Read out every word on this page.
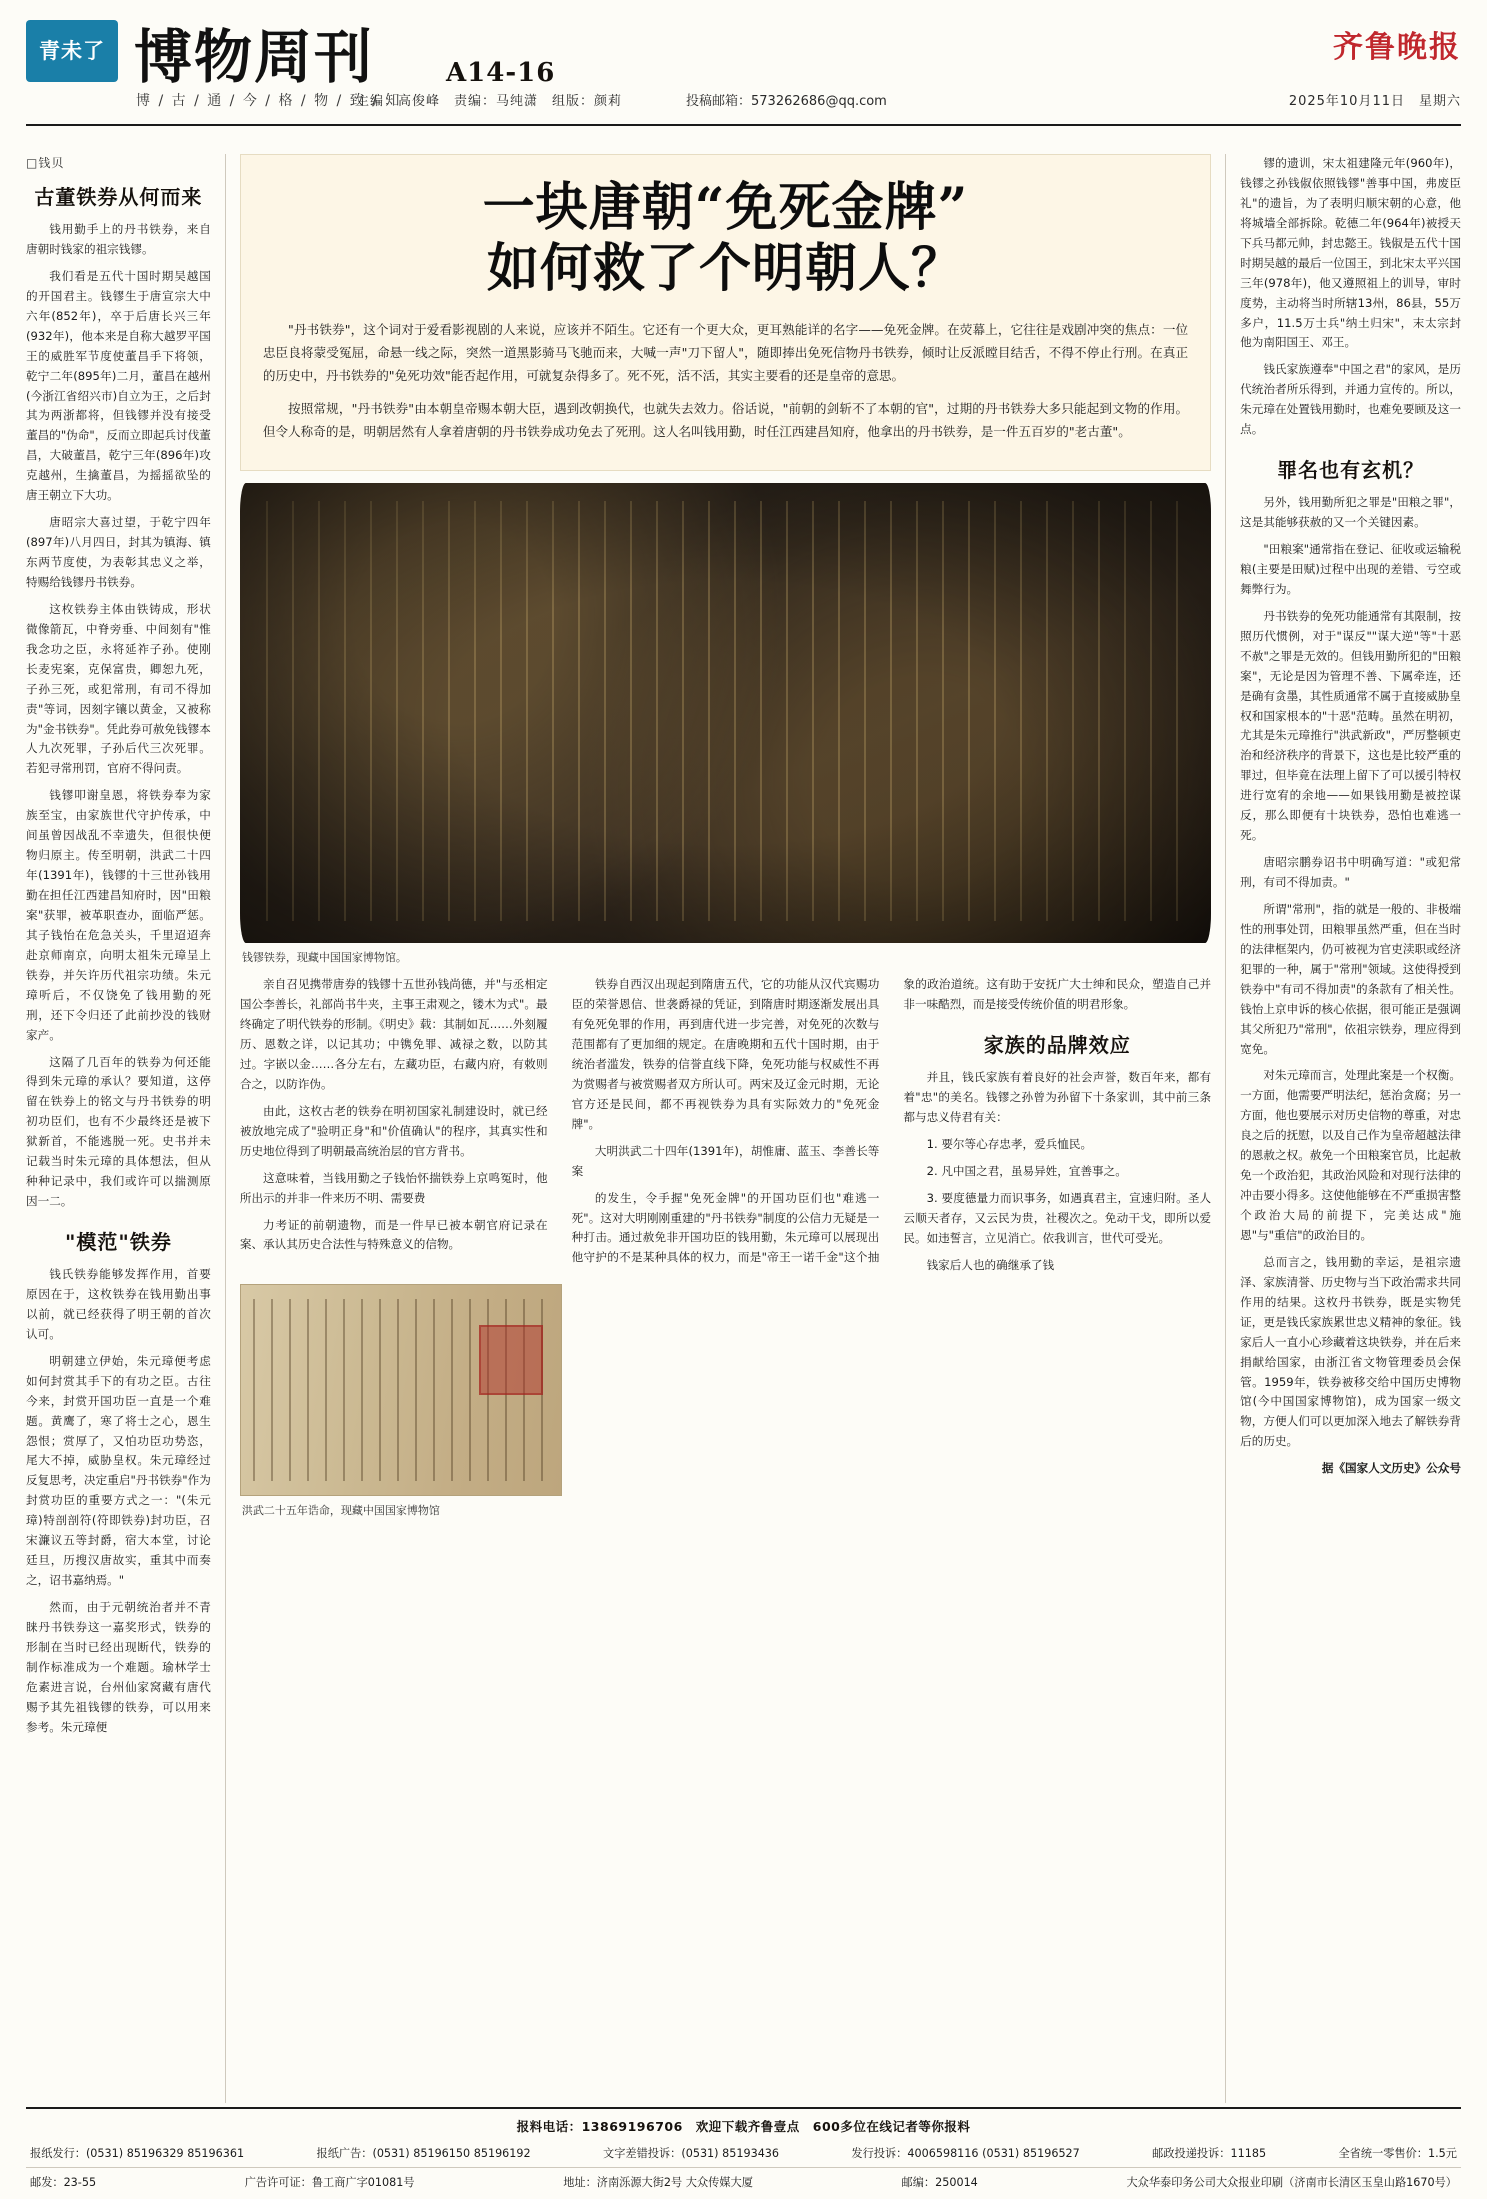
青未了 博物周刊	A14-16
博 / 古 / 通 / 今 / 格 / 物 / 致 / 知
主编：高俊峰　责编：马纯潇　组版：颜莉	投稿邮箱：573262686@qq.com	2025年10月11日　星期六
齐鲁晚报
□钱贝
古董铁券从何而来

钱用勤手上的丹书铁券，来自唐朝时钱家的祖宗钱镠。

我们看是五代十国时期吴越国的开国君主。钱镠生于唐宣宗大中六年(852年)，卒于后唐长兴三年(932年)，他本来是自称大越罗平国王的威胜军节度使董昌手下将领，乾宁二年(895年)二月，董昌在越州(今浙江省绍兴市)自立为王，之后封其为两浙都将，但钱镠并没有接受董昌的"伪命"，反而立即起兵讨伐董昌，大破董昌，乾宁三年(896年)攻克越州，生擒董昌，为摇摇欲坠的唐王朝立下大功。

唐昭宗大喜过望，于乾宁四年(897年)八月四日，封其为镇海、镇东两节度使，为表彰其忠义之举，特赐给钱镠丹书铁券。

这枚铁券主体由铁铸成，形状微像箭瓦，中脊旁垂、中间刻有"惟我念功之臣，永将延祚子孙。使刚长麦宪案，克保富贵，卿恕九死，子孙三死，或犯常刑，有司不得加责"等词，因刻字镶以黄金，又被称为"金书铁券"。凭此券可赦免钱镠本人九次死罪，子孙后代三次死罪。若犯寻常刑罚，官府不得问责。

钱镠叩谢皇恩，将铁券奉为家族至宝，由家族世代守护传承，中间虽曾因战乱不幸遗失，但很快便物归原主。传至明朝，洪武二十四年(1391年)，钱镠的十三世孙钱用勤在担任江西建昌知府时，因"田粮案"获罪，被革职查办，面临严惩。其子钱怡在危急关头，千里迢迢奔赴京师南京，向明太祖朱元璋呈上铁券，并矢许历代祖宗功绩。朱元璋听后，不仅饶免了钱用勤的死刑，还下令归还了此前抄没的钱财家产。

这隔了几百年的铁券为何还能得到朱元璋的承认？要知道，这停留在铁券上的铭文与丹书铁券的明初功臣们，也有不少最终还是被下狱新首，不能逃脱一死。史书并未记载当时朱元璋的具体想法，但从种种记录中，我们或许可以揣测原因一二。

"模范"铁券

钱氏铁券能够发挥作用，首要原因在于，这枚铁券在钱用勤出事以前，就已经获得了明王朝的首次认可。

明朝建立伊始，朱元璋便考虑如何封赏其手下的有功之臣。古往今来，封赏开国功臣一直是一个难题。黄鹰了，寒了将士之心，恩生怨恨；赏厚了，又怕功臣功势恣，尾大不掉，威胁皇权。朱元璋经过反复思考，决定重启"丹书铁券"作为封赏功臣的重要方式之一："(朱元璋)特剖剖符(符即铁券)封功臣，召宋濂议五等封爵，宿大本堂，讨论廷旦，历搜汉唐故实，重其中而奏之，诏书嘉纳焉。"

然而，由于元朝统治者并不青睐丹书铁券这一嘉奖形式，铁券的形制在当时已经出现断代，铁券的制作标准成为一个难题。瑜林学士危素进言说，台州仙家窝藏有唐代赐予其先祖钱镠的铁券，可以用来参考。朱元璋便

一块唐朝“免死金牌”
如何救了个明朝人？

"丹书铁券"，这个词对于爱看影视剧的人来说，应该并不陌生。它还有一个更大众，更耳熟能详的名字——免死金牌。在荧幕上，它往往是戏剧冲突的焦点：一位忠臣良将蒙受冤屈，命悬一线之际，突然一道黑影骑马飞驰而来，大喊一声"刀下留人"，随即捧出免死信物丹书铁券，倾时让反派瞠目结舌，不得不停止行刑。在真正的历史中，丹书铁券的"免死功效"能否起作用，可就复杂得多了。死不死，活不活，其实主要看的还是皇帝的意思。

按照常规，"丹书铁券"由本朝皇帝赐本朝大臣，遇到改朝换代，也就失去效力。俗话说，"前朝的剑斩不了本朝的官"，过期的丹书铁券大多只能起到文物的作用。但令人称奇的是，明朝居然有人拿着唐朝的丹书铁券成功免去了死刑。这人名叫钱用勤，时任江西建昌知府，他拿出的丹书铁券，是一件五百岁的"老古董"。

钱镠铁券，现藏中国国家博物馆。

亲自召见携带唐券的钱镠十五世孙钱尚德，并"与丞相定国公李善长，礼部尚书牛夹，主事王肃观之，镂木为式"。最终确定了明代铁券的形制。《明史》载：其制如瓦……外刻履历、恩数之详，以记其功；中镌免罪、减禄之数，以防其过。字嵌以金……各分左右，左藏功臣，右藏内府，有敕则合之，以防诈伪。

由此，这枚古老的铁券在明初国家礼制建设时，就已经被放地完成了"验明正身"和"价值确认"的程序，其真实性和历史地位得到了明朝最高统治层的官方背书。

这意味着，当钱用勤之子钱怡怀揣铁券上京鸣冤时，他所出示的并非一件来历不明、需要费

力考证的前朝遗物，而是一件早已被本朝官府记录在案、承认其历史合法性与特殊意义的信物。

铁券自西汉出现起到隋唐五代，它的功能从汉代宾赐功臣的荣誉恩信、世袭爵禄的凭证，到隋唐时期逐渐发展出具有免死免罪的作用，再到唐代进一步完善，对免死的次数与范围都有了更加细的规定。在唐晚期和五代十国时期，由于统治者滥发，铁券的信誉直线下降，免死功能与权威性不再为赏赐者与被赏赐者双方所认可。两宋及辽金元时期，无论官方还是民间，都不再视铁券为具有实际效力的"免死金牌"。

大明洪武二十四年(1391年)，胡惟庸、蓝玉、李善长等案

的发生，令手握"免死金牌"的开国功臣们也"难逃一死"。这对大明刚刚重建的"丹书铁券"制度的公信力无疑是一种打击。通过赦免非开国功臣的钱用勤，朱元璋可以展现出他守护的不是某种具体的权力，而是"帝王一诺千金"这个抽象的政治道统。这有助于安抚广大士绅和民众，塑造自己并非一味酷烈，而是接受传统价值的明君形象。

家族的品牌效应

并且，钱氏家族有着良好的社会声誉，数百年来，都有着"忠"的美名。钱镠之孙曾为孙留下十条家训，其中前三条都与忠义侍君有关：

1. 要尔等心存忠孝，爱兵恤民。

2. 凡中国之君，虽易异姓，宜善事之。

3. 要度德量力而识事务，如遇真君主，宣速归附。圣人云顺天者存，又云民为贵，社稷次之。免动干戈，即所以爱民。如违誓言，立见消亡。依我训言，世代可受光。

钱家后人也的确继承了钱

洪武二十五年诰命，现藏中国国家博物馆

镠的遗训，宋太祖建隆元年(960年)，钱镠之孙钱俶依照钱镠"善事中国，弗废臣礼"的遗旨，为了表明归顺宋朝的心意，他将城墙全部拆除。乾德二年(964年)被授天下兵马都元帅，封忠懿王。钱俶是五代十国时期吴越的最后一位国王，到北宋太平兴国三年(978年)，他又遵照祖上的训导，审时度势，主动将当时所辖13州，86县，55万多户，11.5万士兵"纳土归宋"，末太宗封他为南阳国王、邓王。

钱氏家族遵奉"中国之君"的家风，是历代统治者所乐得到，并通力宣传的。所以，朱元璋在处置钱用勤时，也难免要顾及这一点。

罪名也有玄机？

另外，钱用勤所犯之罪是"田粮之罪"，这是其能够获赦的又一个关键因素。

"田粮案"通常指在登记、征收或运输税粮(主要是田赋)过程中出现的差错、亏空或舞弊行为。

丹书铁券的免死功能通常有其限制，按照历代惯例，对于"谋反""谋大逆"等"十恶不赦"之罪是无效的。但钱用勤所犯的"田粮案"，无论是因为管理不善、下属牵连，还是确有贪墨，其性质通常不属于直接威胁皇权和国家根本的"十恶"范畴。虽然在明初，尤其是朱元璋推行"洪武新政"，严厉整顿吏治和经济秩序的背景下，这也是比较严重的罪过，但毕竟在法理上留下了可以援引特权进行宽宥的余地——如果钱用勤是被控谋反，那么即便有十块铁券，恐怕也难逃一死。

唐昭宗鹏券诏书中明确写道："或犯常刑，有司不得加责。"

所谓"常刑"，指的就是一般的、非极端性的刑事处罚，田粮罪虽然严重，但在当时的法律框架内，仍可被视为官吏渎职或经济犯罪的一种，属于"常刑"领域。这使得授到铁券中"有司不得加责"的条款有了相关性。钱怡上京申诉的核心依据，很可能正是强调其父所犯乃"常刑"，依祖宗铁券，理应得到宽免。

对朱元璋而言，处理此案是一个权衡。一方面，他需要严明法纪，惩治贪腐；另一方面，他也要展示对历史信物的尊重，对忠良之后的抚慰，以及自己作为皇帝超越法律的恩赦之权。赦免一个田粮案官员，比起赦免一个政治犯，其政治风险和对现行法律的冲击要小得多。这使他能够在不严重损害整个政治大局的前提下，完美达成"施恩"与"重信"的政治目的。

总而言之，钱用勤的幸运，是祖宗遗泽、家族清誉、历史物与当下政治需求共同作用的结果。这枚丹书铁券，既是实物凭证，更是钱氏家族累世忠义精神的象征。钱家后人一直小心珍藏着这块铁券，并在后来捐献给国家，由浙江省文物管理委员会保管。1959年，铁券被移交给中国历史博物馆(今中国国家博物馆)，成为国家一级文物，方便人们可以更加深入地去了解铁券背后的历史。

据《国家人文历史》公众号

报料电话：13869196706　欢迎下载齐鲁壹点　600多位在线记者等你报料
报纸发行：(0531) 85196329 85196361	报纸广告：(0531) 85196150 85196192	文字差错投诉：(0531) 85193436	发行投诉：4006598116 (0531) 85196527	邮政投递投诉：11185	全省统一零售价：1.5元
邮发：23-55	广告许可证：鲁工商广字01081号	地址：济南泺源大街2号 大众传媒大厦	邮编：250014	大众华泰印务公司大众报业印刷（济南市长清区玉皇山路1670号）
